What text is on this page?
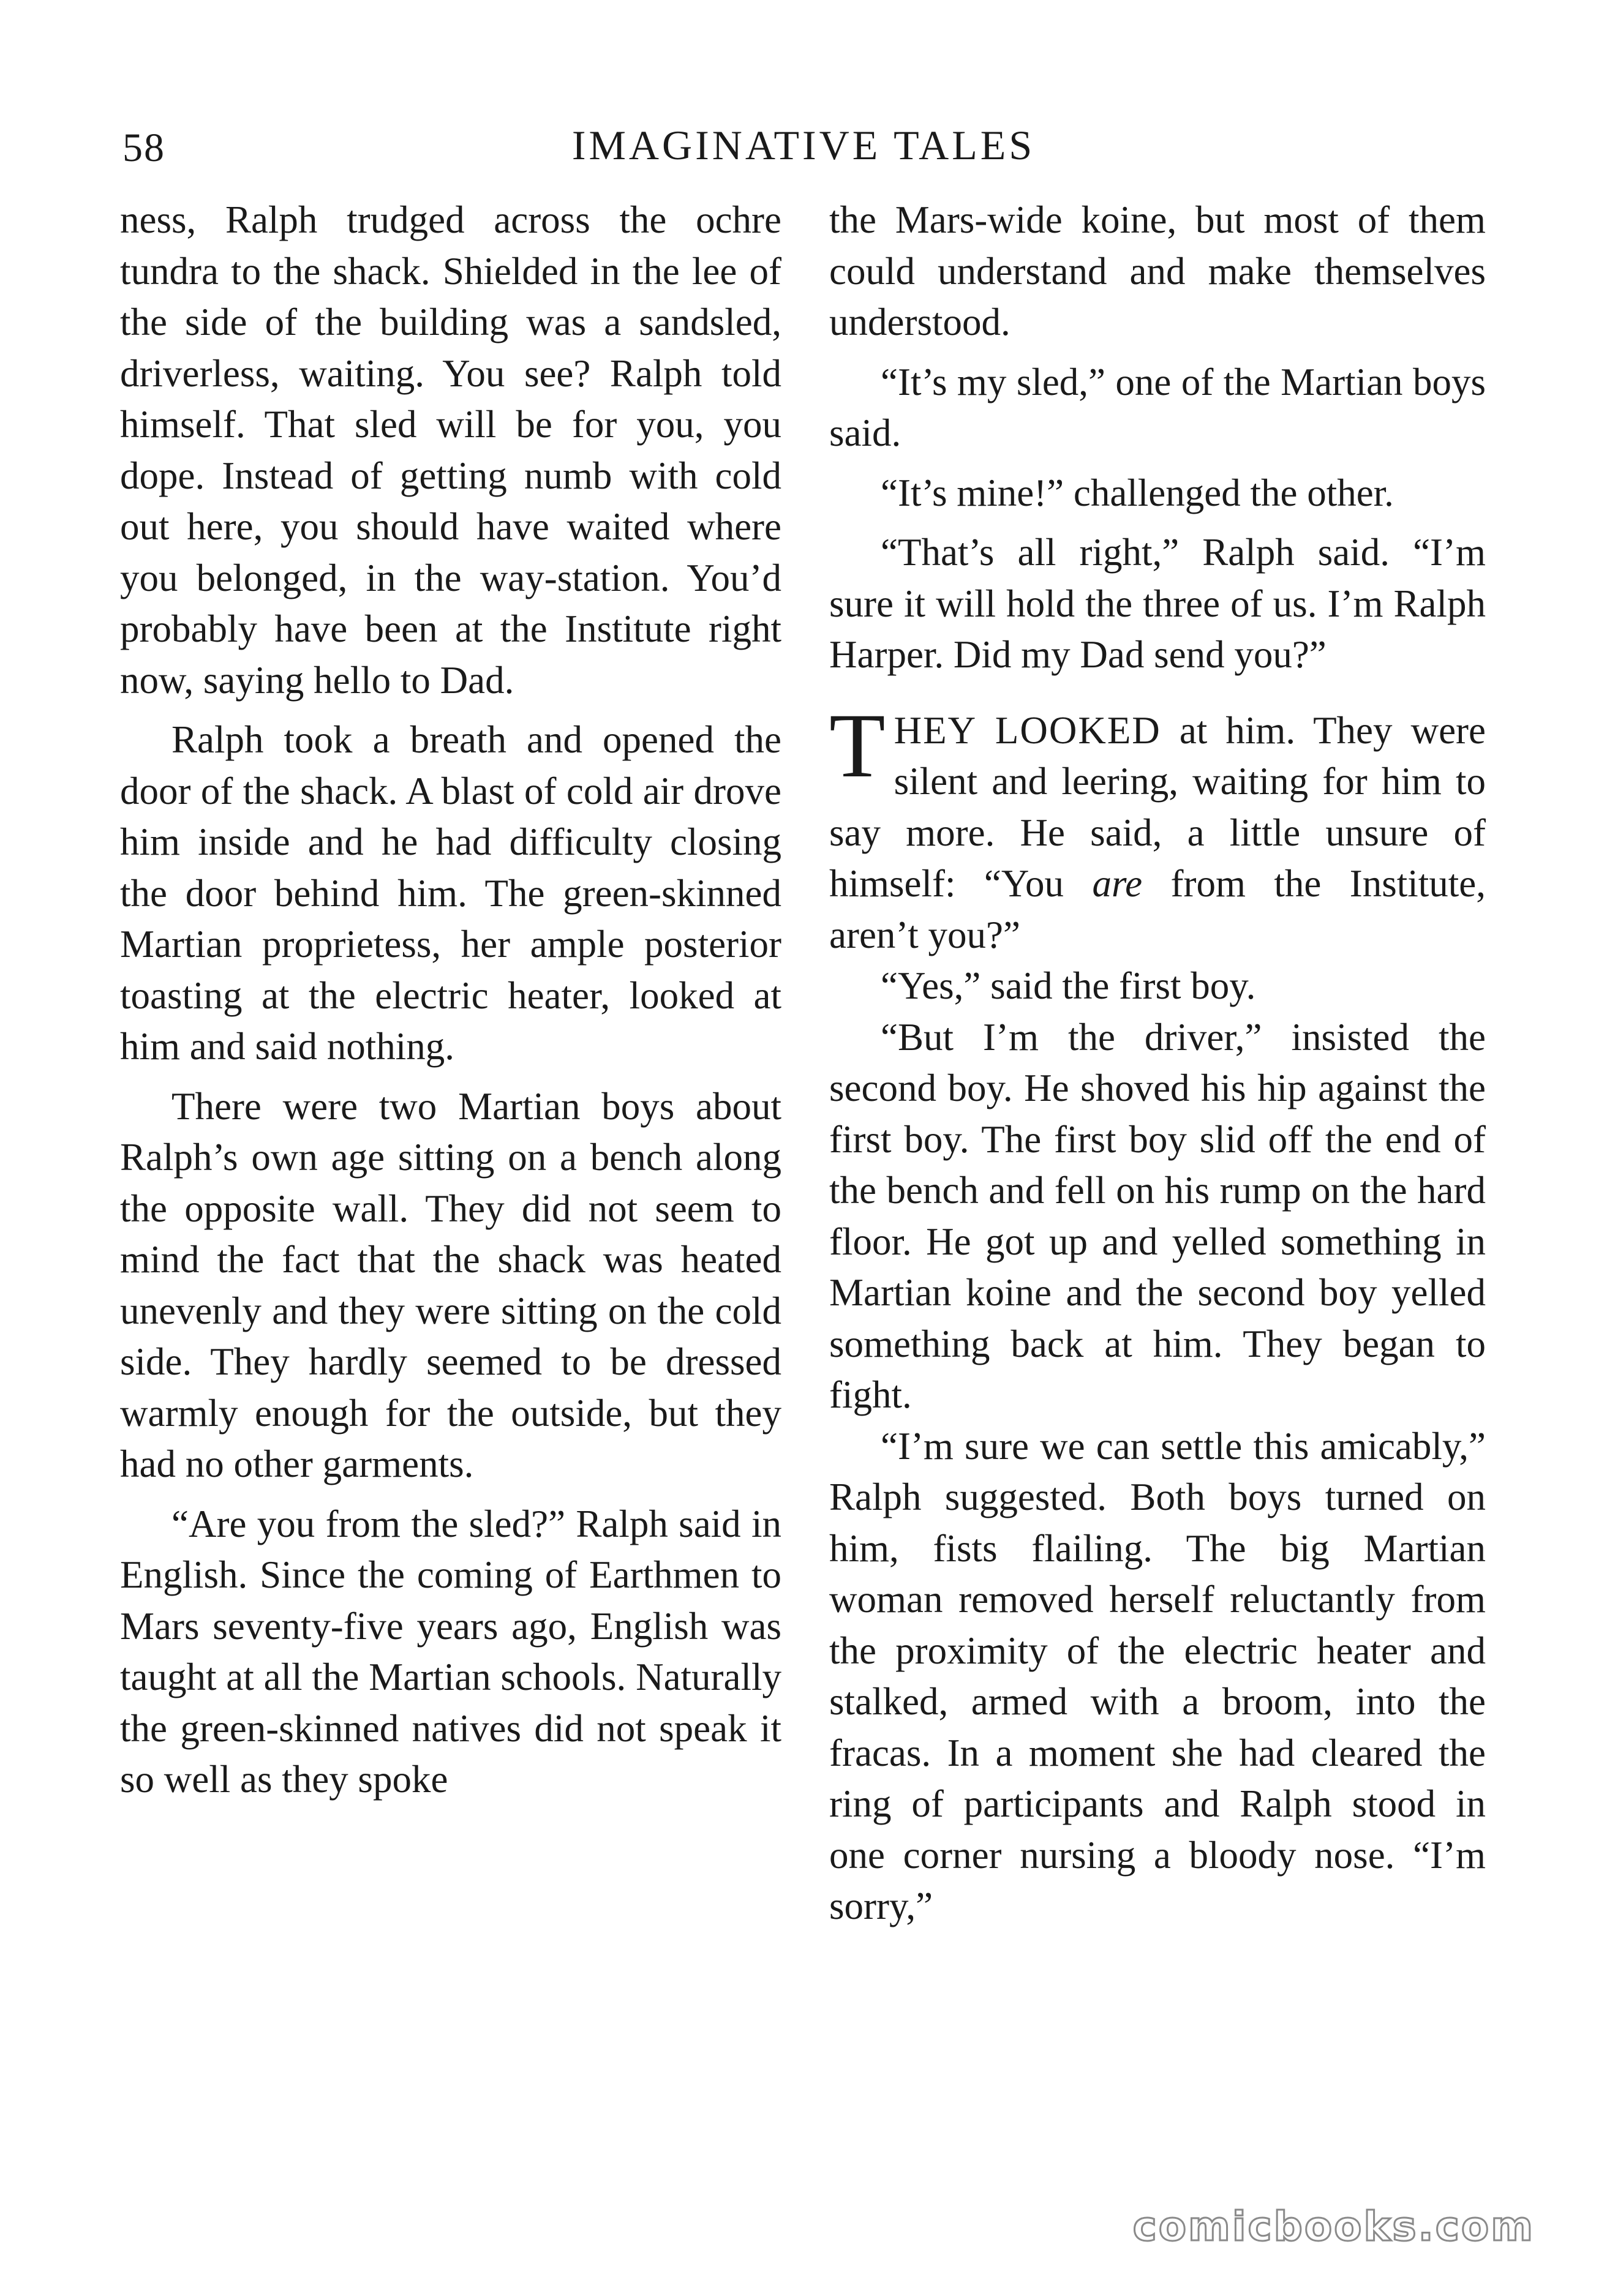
58	IMAGINATIVE TALES

ness, Ralph trudged across the ochre tundra to the shack. Shielded in the lee of the side of the building was a sandsled, driverless, waiting. You see? Ralph told himself. That sled will be for you, you dope. Instead of getting numb with cold out here, you should have waited where you belonged, in the way-station. You’d probably have been at the Institute right now, saying hello to Dad.

Ralph took a breath and opened the door of the shack. A blast of cold air drove him inside and he had difficulty closing the door behind him. The green-skinned Martian proprietess, her ample posterior toasting at the electric heater, looked at him and said nothing.

There were two Martian boys about Ralph’s own age sitting on a bench along the opposite wall. They did not seem to mind the fact that the shack was heated unevenly and they were sitting on the cold side. They hardly seemed to be dressed warmly enough for the outside, but they had no other garments.

“Are you from the sled?” Ralph said in English. Since the coming of Earthmen to Mars seventy-five years ago, English was taught at all the Martian schools. Naturally the green-skinned natives did not speak it so well as they spoke

the Mars-wide koine, but most of them could understand and make themselves understood.

“It’s my sled,” one of the Martian boys said.

“It’s mine!” challenged the other.

“That’s all right,” Ralph said. “I’m sure it will hold the three of us. I’m Ralph Harper. Did my Dad send you?”

THEY LOOKED at him. They were silent and leering, waiting for him to say more. He said, a little unsure of himself: “You are from the Institute, aren’t you?”

“Yes,” said the first boy.

“But I’m the driver,” insisted the second boy. He shoved his hip against the first boy. The first boy slid off the end of the bench and fell on his rump on the hard floor. He got up and yelled something in Martian koine and the second boy yelled something back at him. They began to fight.

“I’m sure we can settle this amicably,” Ralph suggested. Both boys turned on him, fists flailing. The big Martian woman removed herself reluctantly from the proximity of the electric heater and stalked, armed with a broom, into the fracas. In a moment she had cleared the ring of participants and Ralph stood in one corner nursing a bloody nose. “I’m sorry,”

comicbooks.com
